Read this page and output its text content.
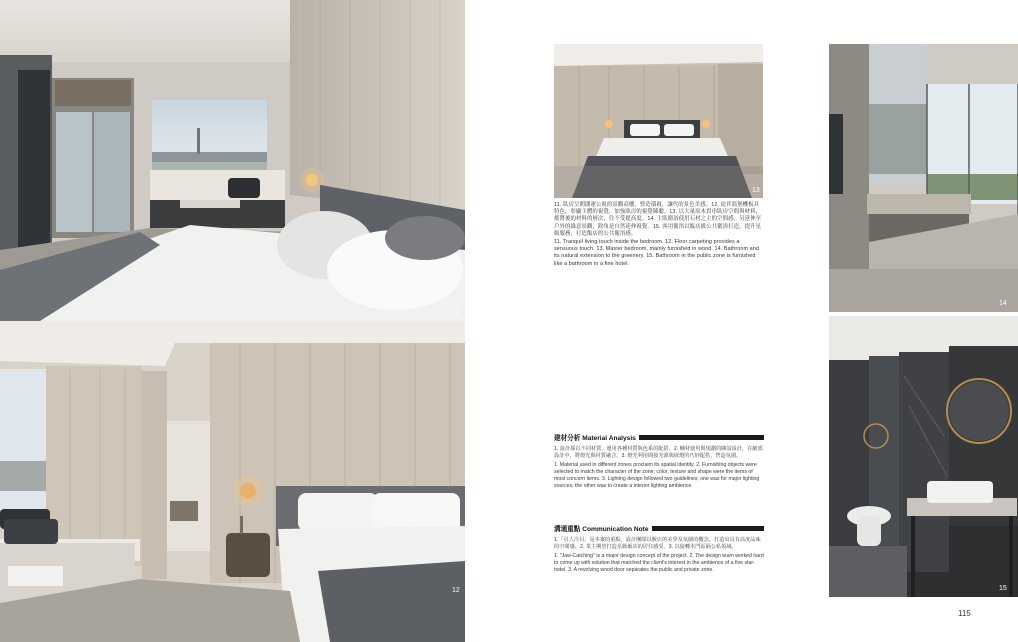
11
12
13
14
15

11. 臥房呈開闊運公視的景觀高樓，營造環視，讓代的景色美感。12. 徒伴溫堡機板具特色，彰顯主體的視覺，加強臥房的視覺陳聽。13. 以大量原木貫串臥房空間與材料，都將後的材料的層次，住不受提高度。14. 主臥衛浴使用石材之主的空間感，另延伸至戶外的綠意景觀，除角是自然延伸視覺。15. 客用衛浴以飯店級公共衛浴打造，提升星級服務，打造飯店的公共衛浴感。

11. Tranquil living touch inside the bedroom. 12. Floor carpeting provides a sensuous touch. 13. Master bedroom, mainly furnished in wood. 14. Bathroom and its natural extension to the greenery. 15. Bathroom in the public zone is furnished like a bathroom in a fine hotel.

建材分析 Material Analysis

1. 設計採以不同材質、運用各種材質與色系的配搭。2. 輔材使用與規劃的陳設設計，在細部設計中，將燈光與材質融合。3. 燈光利用間接光源與嵌燈的巧妙配搭，營造氛圍。

1. Material used in different zones proclaim its spatial identity. 2. Furnishing objects were selected to match the character of the zone; color, texture and shape were the items of most concern items. 3. Lighting design followed two guidelines; one was for major lighting sources, the other was to create a interior lighting ambience.

溝通重點 Communication Note

1.「引人注目」是本案的重點，設計團隊以飯店的美學及氛圍的概念，打造出具有高度品味的空間感。2. 業主期望打造星級飯店的居住感受。3. 以旋轉木門區隔公私領域。

1. "Jaw-Catching" is a major design concept of the project. 2. The design team worked hard to come up with solution that matched the client's interest in the ambience of a five star-hotel. 3. A revolving wood door separates the public and private zone.

115
